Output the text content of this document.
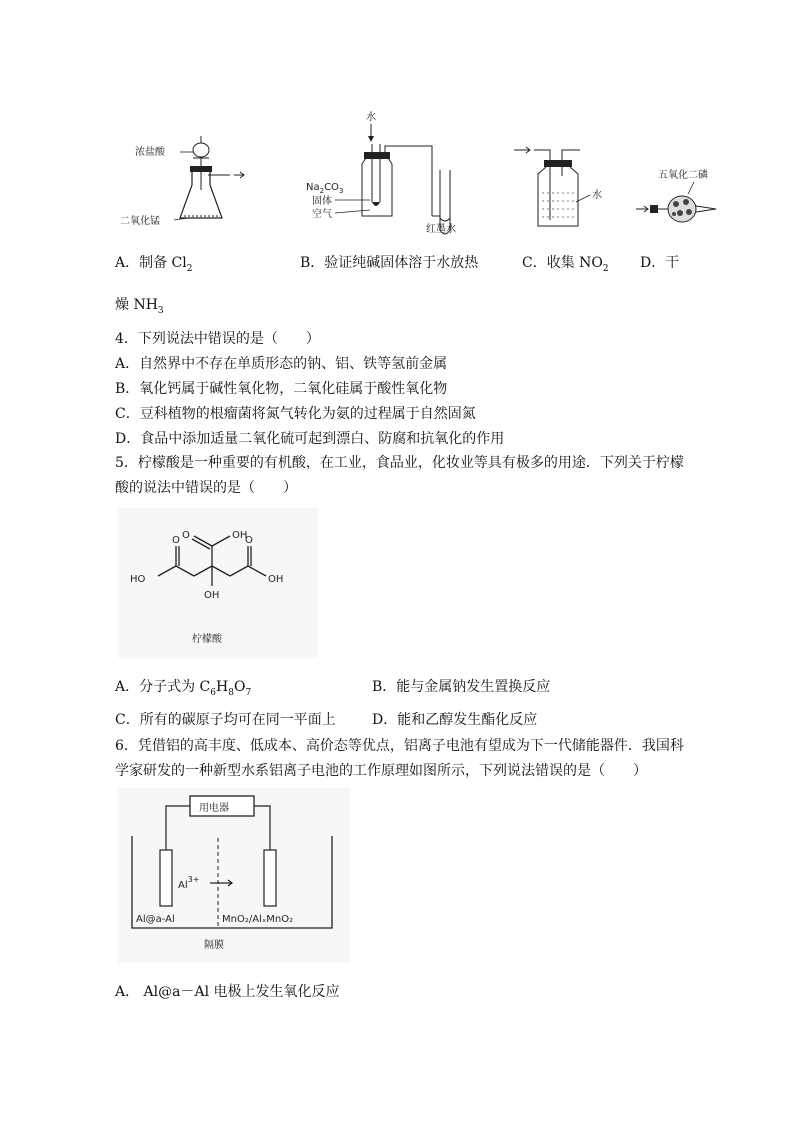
浓盐酸
二氧化锰
水
$Na_2CO_3$
固体
空气
红墨水
水
五氧化二磷
A．制备 $Cl_2$	B．验证纯碱固体溶于水放热	C．收集 $NO_2$ D．干
燥 $NH_3$
4．下列说法中错误的是（　　）
A．自然界中不存在单质形态的钠、铝、铁等氢前金属
B．氧化钙属于碱性氧化物，二氧化硅属于酸性氧化物
C．豆科植物的根瘤菌将氮气转化为氨的过程属于自然固氮
D．食品中添加适量二氧化硫可起到漂白、防腐和抗氧化的作用
5．柠檬酸是一种重要的有机酸，在工业，食品业，化妆业等具有极多的用途．下列关于柠檬
酸的说法中错误的是（　　）
OH
O
O	O
HO	OH
OH
柠檬酸
A．分子式为 $C_6H_8O_7$	B．能与金属钠发生置换反应
C．所有的碳原子均可在同一平面上	D．能和乙醇发生酯化反应
6．凭借铝的高丰度、低成本、高价态等优点，铝离子电池有望成为下一代储能器件．我国科
学家研发的一种新型水系铝离子电池的工作原理如图所示，下列说法错误的是（　　）
用电器
$Al^{3+}$
Al@a-Al	MnO₂/AlₓMnO₂
隔膜
A． Al@a－Al 电极上发生氧化反应
